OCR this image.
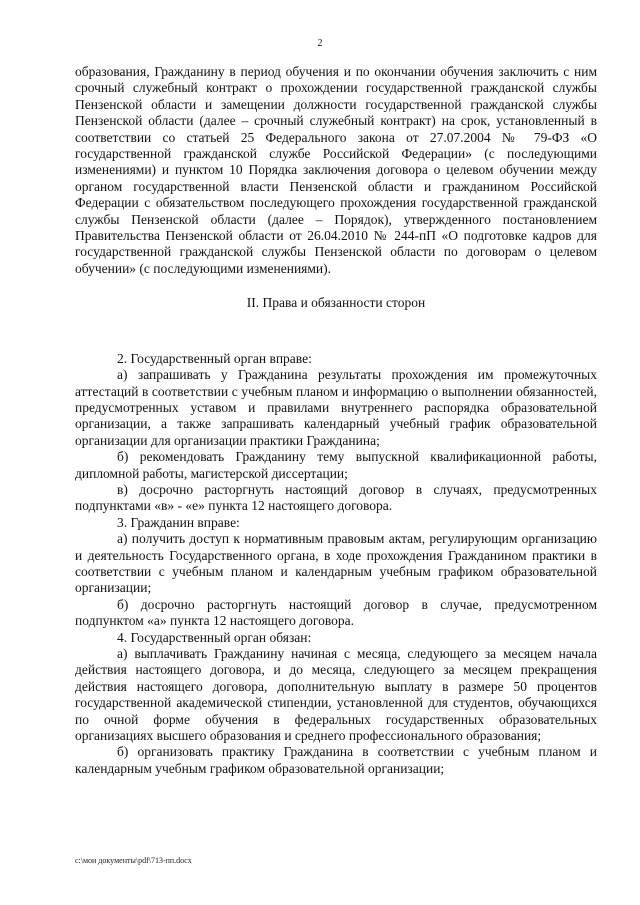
2

образования, Гражданину в период обучения и по окончании обучения заключить с ним срочный служебный контракт о прохождении государственной гражданской службы Пензенской области и замещении должности государственной гражданской службы Пензенской области (далее – срочный служебный контракт) на срок, установленный в соответствии со статьей 25 Федерального закона от 27.07.2004 № 79-ФЗ «О государственной гражданской службе Российской Федерации» (с последующими изменениями) и пунктом 10 Порядка заключения договора о целевом обучении между органом государственной власти Пензенской области и гражданином Российской Федерации с обязательством последующего прохождения государственной гражданской службы Пензенской области (далее – Порядок), утвержденного постановлением Правительства Пензенской области от 26.04.2010 № 244-пП «О подготовке кадров для государственной гражданской службы Пензенской области по договорам о целевом обучении» (с последующими изменениями).

II. Права и обязанности сторон

2. Государственный орган вправе:

а) запрашивать у Гражданина результаты прохождения им промежуточных аттестаций в соответствии с учебным планом и информацию о выполнении обязанностей, предусмотренных уставом и правилами внутреннего распорядка образовательной организации, а также запрашивать календарный учебный график образовательной организации для организации практики Гражданина;

б) рекомендовать Гражданину тему выпускной квалификационной работы, дипломной работы, магистерской диссертации;

в) досрочно расторгнуть настоящий договор в случаях, предусмотренных подпунктами «в» - «е» пункта 12 настоящего договора.

3. Гражданин вправе:

а) получить доступ к нормативным правовым актам, регулирующим организацию и деятельность Государственного органа, в ходе прохождения Гражданином практики в соответствии с учебным планом и календарным учебным графиком образовательной организации;

б) досрочно расторгнуть настоящий договор в случае, предусмотренном подпунктом «а» пункта 12 настоящего договора.

4. Государственный орган обязан:

а) выплачивать Гражданину начиная с месяца, следующего за месяцем начала действия настоящего договора, и до месяца, следующего за месяцем прекращения действия настоящего договора, дополнительную выплату в размере 50 процентов государственной академической стипендии, установленной для студентов, обучающихся по очной форме обучения в федеральных государственных образовательных организациях высшего образования и среднего профессионального образования;

б) организовать практику Гражданина в соответствии с учебным планом и календарным учебным графиком образовательной организации;

c:\мои документы\pdf\713-пп.docx
